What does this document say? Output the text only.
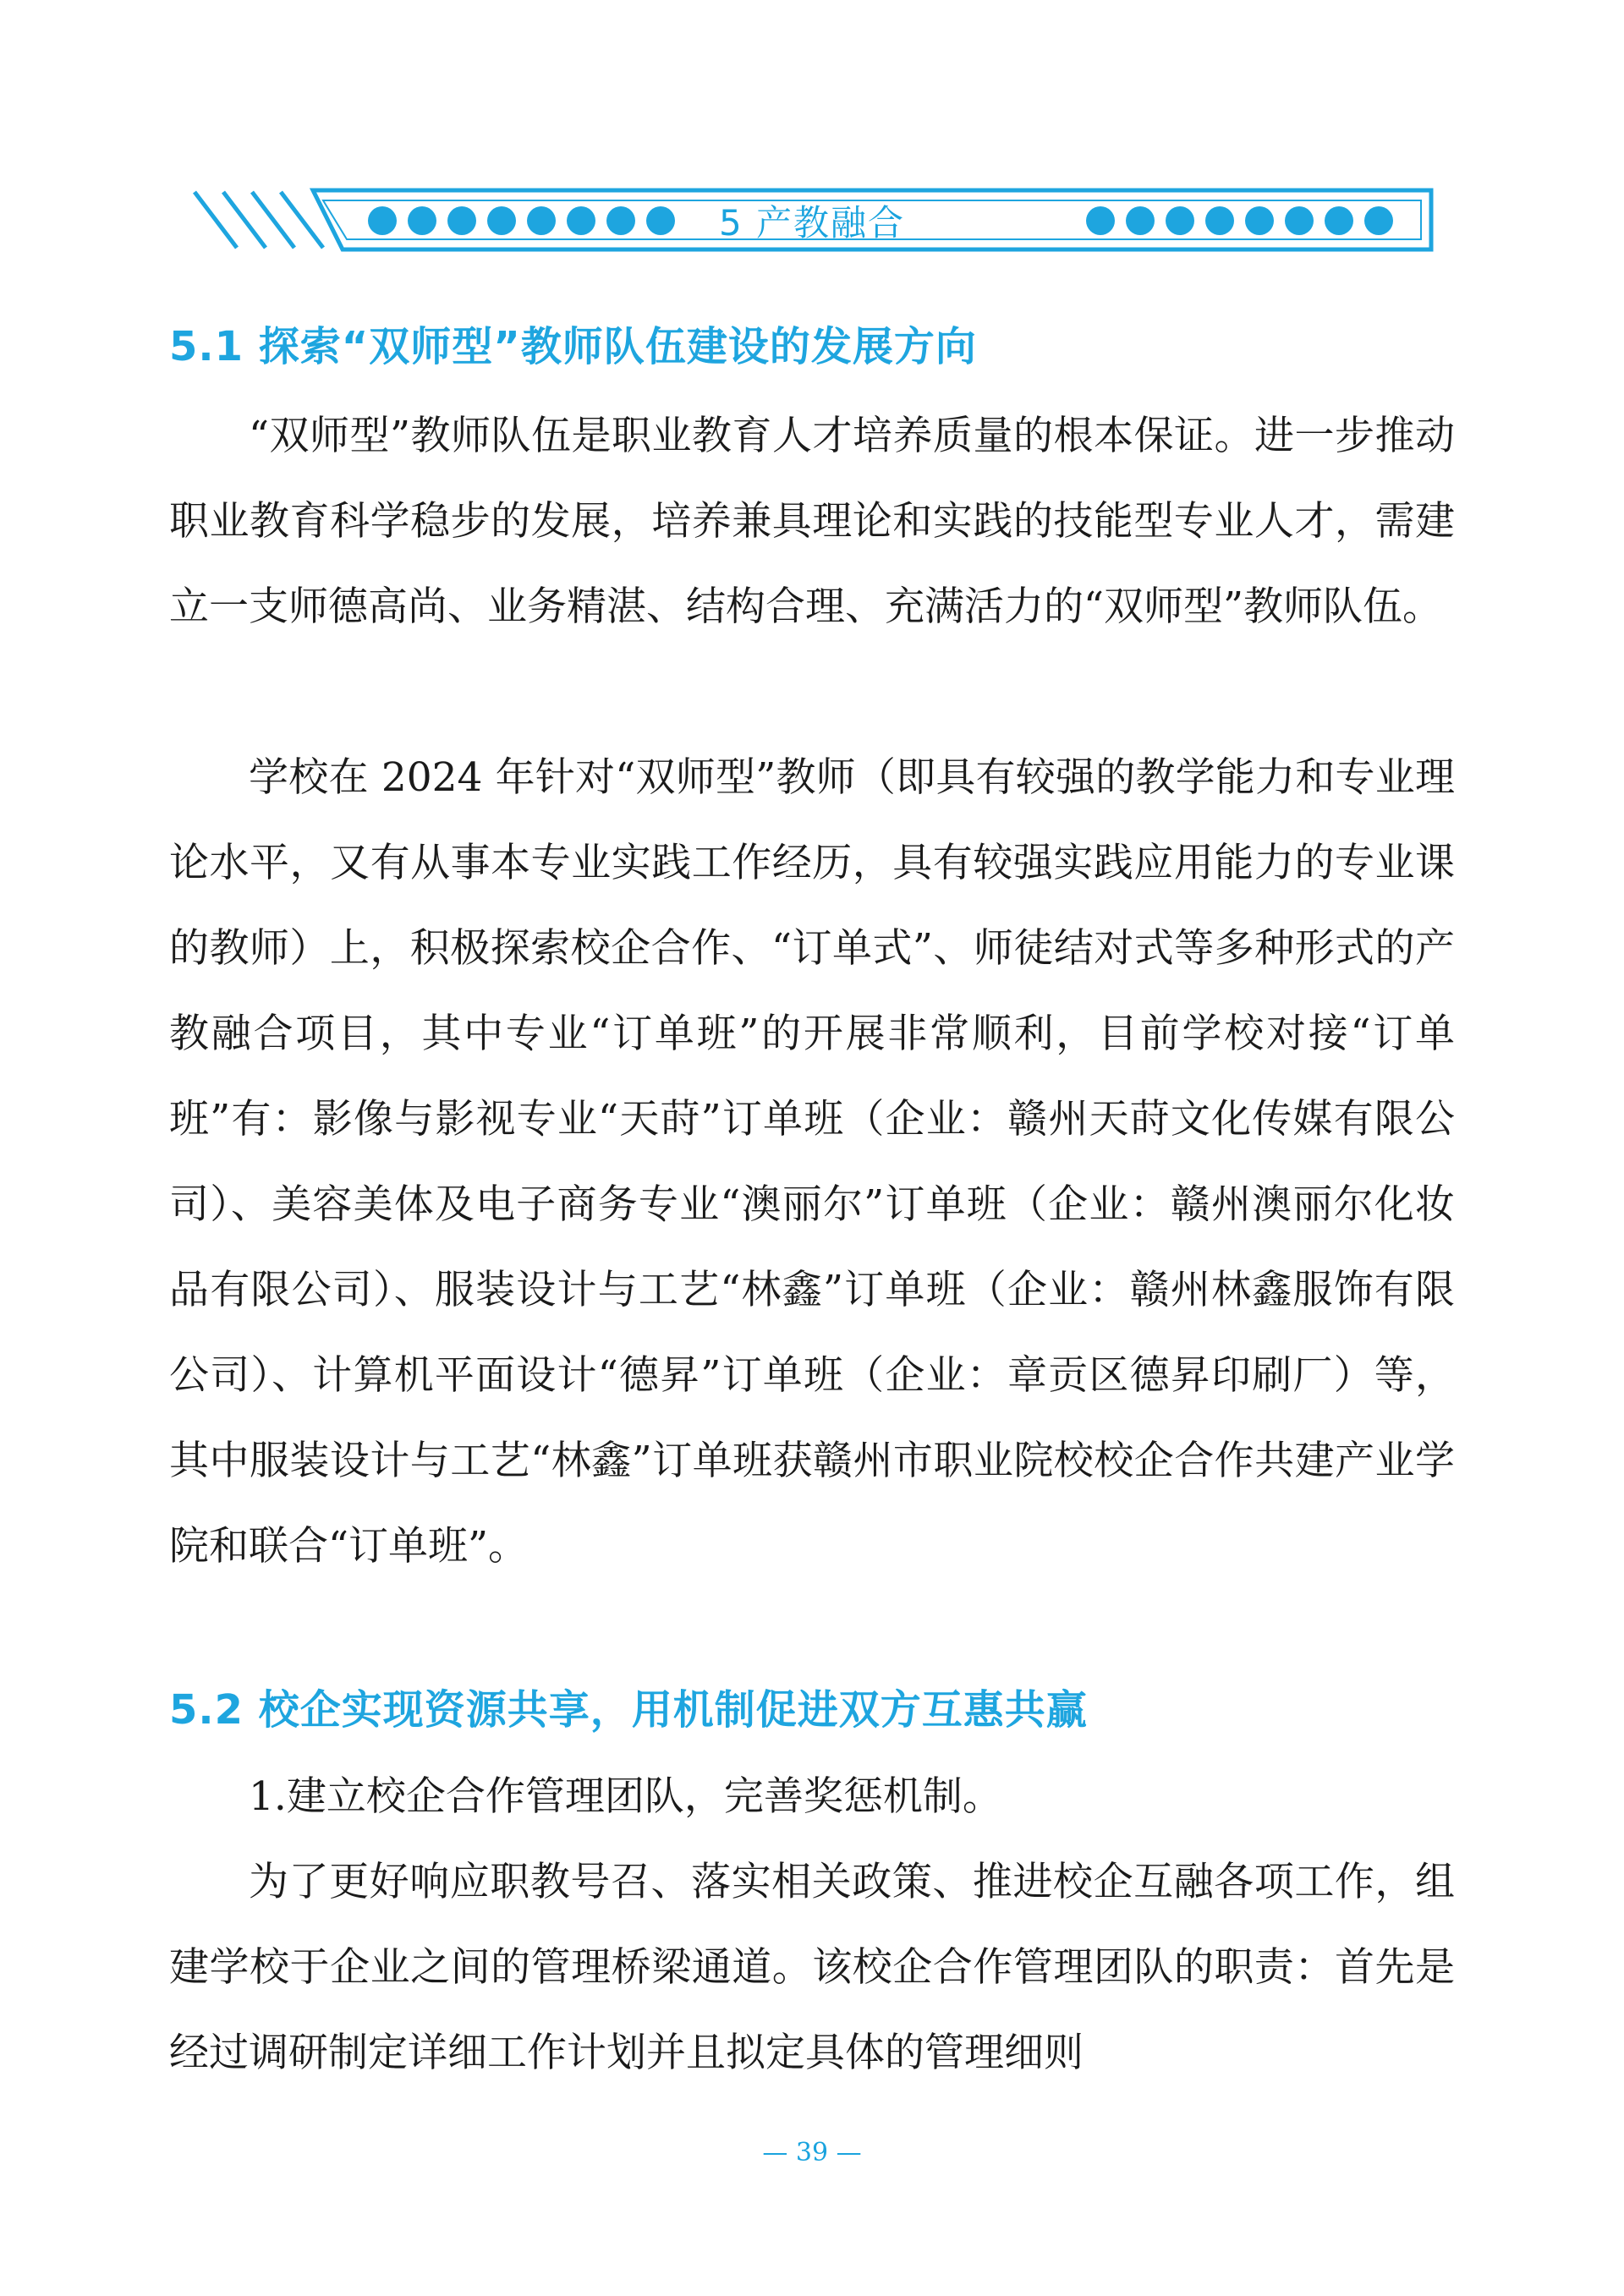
5 产教融合
5.1 探索“双师型”教师队伍建设的发展方向

“双师型”教师队伍是职业教育人才培养质量的根本保证。进一步推动职业教育科学稳步的发展，培养兼具理论和实践的技能型专业人才，需建立一支师德高尚、业务精湛、结构合理、充满活力的“双师型”教师队伍。

学校在 2024 年针对“双师型”教师（即具有较强的教学能力和专业理论水平，又有从事本专业实践工作经历，具有较强实践应用能力的专业课的教师）上，积极探索校企合作、“订单式”、师徒结对式等多种形式的产教融合项目，其中专业“订单班”的开展非常顺利，目前学校对接“订单班”有：影像与影视专业“天莳”订单班（企业：赣州天莳文化传媒有限公司）、美容美体及电子商务专业“澳丽尔”订单班（企业：赣州澳丽尔化妆品有限公司）、服装设计与工艺“林鑫”订单班（企业：赣州林鑫服饰有限公司）、计算机平面设计“德昇”订单班（企业：章贡区德昇印刷厂）等，其中服装设计与工艺“林鑫”订单班获赣州市职业院校校企合作共建产业学院和联合“订单班”。

5.2 校企实现资源共享，用机制促进双方互惠共赢

1.建立校企合作管理团队，完善奖惩机制。

为了更好响应职教号召、落实相关政策、推进校企互融各项工作，组建学校于企业之间的管理桥梁通道。该校企合作管理团队的职责：首先是经过调研制定详细工作计划并且拟定具体的管理细则

— 39 —
